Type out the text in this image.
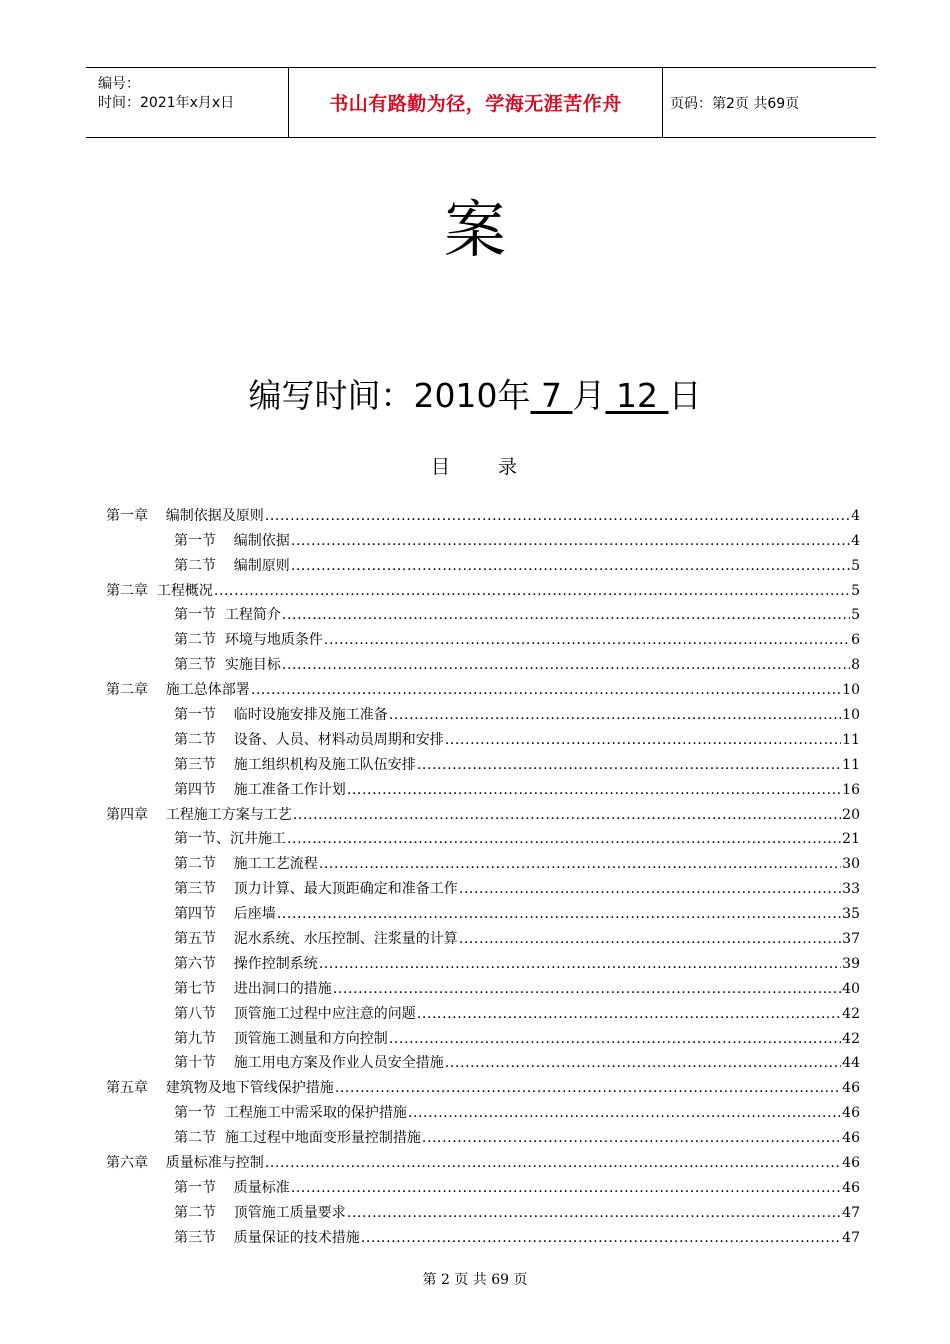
编号：
时间：2021年x月x日	书山有路勤为径，学海无涯苦作舟	页码：第2页 共69页
案
编写时间：2010年 7 月 12 日
目 录
第一章    编制依据及原则 .....	4
第一节    编制依据 .....	4
第二节    编制原则 .....	5
第二章  工程概况 .....	5
第一节  工程简介 .....	5
第二节  环境与地质条件 .....	6
第三节  实施目标 .....	8
第二章    施工总体部署 .....	10
第一节    临时设施安排及施工准备 .....	10
第二节    设备、人员、材料动员周期和安排 .....	11
第三节    施工组织机构及施工队伍安排 .....	11
第四节    施工准备工作计划 .....	16
第四章    工程施工方案与工艺 .....	20
第一节、沉井施工 .....	21
第二节    施工工艺流程 .....	30
第三节    顶力计算、最大顶距确定和准备工作 .....	33
第四节    后座墙 .....	35
第五节    泥水系统、水压控制、注浆量的计算 .....	37
第六节    操作控制系统 .....	39
第七节    进出洞口的措施 .....	40
第八节    顶管施工过程中应注意的问题 .....	42
第九节    顶管施工测量和方向控制 .....	42
第十节    施工用电方案及作业人员安全措施 .....	44
第五章    建筑物及地下管线保护措施 .....	46
第一节  工程施工中需采取的保护措施 .....	46
第二节  施工过程中地面变形量控制措施 .....	46
第六章    质量标准与控制 .....	46
第一节    质量标准 .....	46
第二节    顶管施工质量要求 .....	47
第三节    质量保证的技术措施 .....	47
第 2 页 共 69 页
